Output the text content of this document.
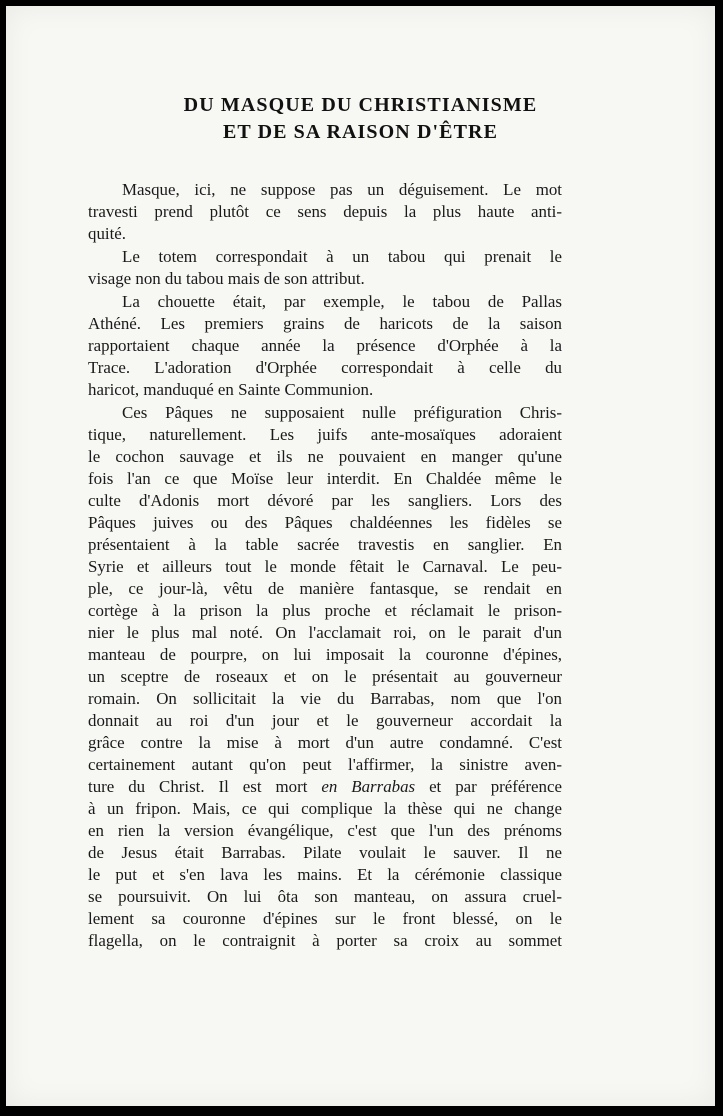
DU MASQUE DU CHRISTIANISME
ET DE SA RAISON D'ÊTRE
Masque, ici, ne suppose pas un déguisement. Le mot
travesti prend plutôt ce sens depuis la plus haute anti-
quité.
Le totem correspondait à un tabou qui prenait le
visage non du tabou mais de son attribut.
La chouette était, par exemple, le tabou de Pallas
Athéné. Les premiers grains de haricots de la saison
rapportaient chaque année la présence d'Orphée à la
Trace. L'adoration d'Orphée correspondait à celle du
haricot, manduqué en Sainte Communion.
Ces Pâques ne supposaient nulle préfiguration Chris-
tique, naturellement. Les juifs ante-mosaïques adoraient
le cochon sauvage et ils ne pouvaient en manger qu'une
fois l'an ce que Moïse leur interdit. En Chaldée même le
culte d'Adonis mort dévoré par les sangliers. Lors des
Pâques juives ou des Pâques chaldéennes les fidèles se
présentaient à la table sacrée travestis en sanglier. En
Syrie et ailleurs tout le monde fêtait le Carnaval. Le peu-
ple, ce jour-là, vêtu de manière fantasque, se rendait en
cortège à la prison la plus proche et réclamait le prison-
nier le plus mal noté. On l'acclamait roi, on le parait d'un
manteau de pourpre, on lui imposait la couronne d'épines,
un sceptre de roseaux et on le présentait au gouverneur
romain. On sollicitait la vie du Barrabas, nom que l'on
donnait au roi d'un jour et le gouverneur accordait la
grâce contre la mise à mort d'un autre condamné. C'est
certainement autant qu'on peut l'affirmer, la sinistre aven-
ture du Christ. Il est mort en Barrabas et par préférence
à un fripon. Mais, ce qui complique la thèse qui ne change
en rien la version évangélique, c'est que l'un des prénoms
de Jesus était Barrabas. Pilate voulait le sauver. Il ne
le put et s'en lava les mains. Et la cérémonie classique
se poursuivit. On lui ôta son manteau, on assura cruel-
lement sa couronne d'épines sur le front blessé, on le
flagella, on le contraignit à porter sa croix au sommet
